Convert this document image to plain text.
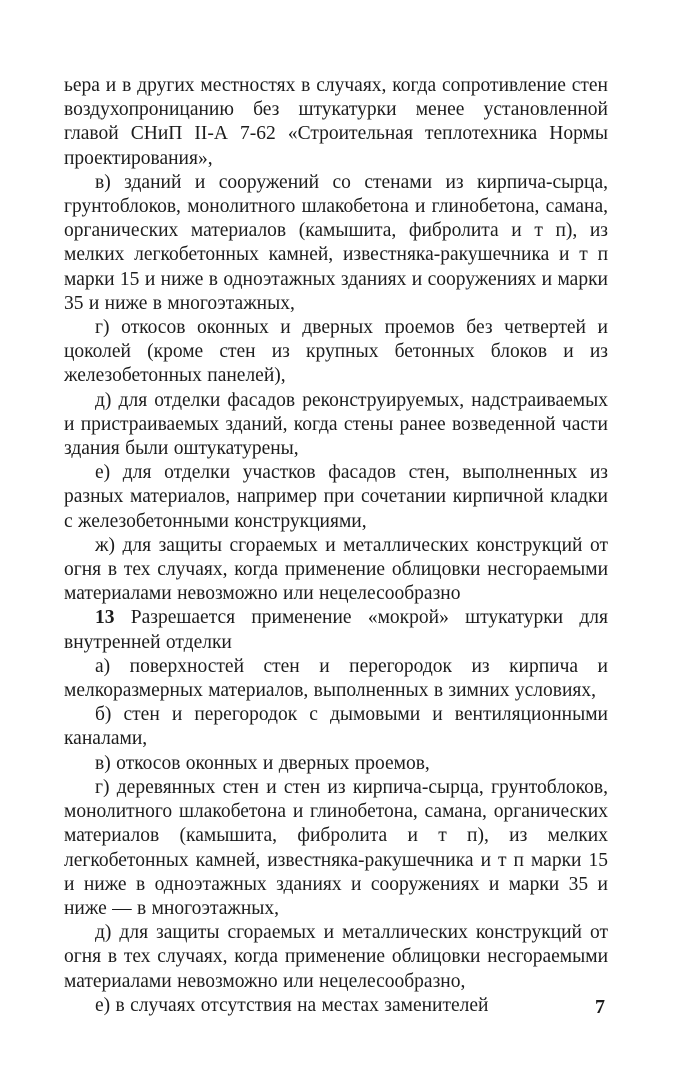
ьера и в других местностях в случаях, когда сопротивление стен воздухопроницанию без штукатурки менее установленной главой СНиП II-А 7-62 «Строительная теплотехника Нормы проектирования»,

в) зданий и сооружений со стенами из кирпича-сырца, грунтоблоков, монолитного шлакобетона и глинобетона, самана, органических материалов (камышита, фибролита и т п), из мелких легкобетонных камней, известняка-ракушечника и т п марки 15 и ниже в одноэтажных зданиях и сооружениях и марки 35 и ниже в многоэтажных,

г) откосов оконных и дверных проемов без четвертей и цоколей (кроме стен из крупных бетонных блоков и из железобетонных панелей),

д) для отделки фасадов реконструируемых, надстраиваемых и пристраиваемых зданий, когда стены ранее возведенной части здания были оштукатурены,

е) для отделки участков фасадов стен, выполненных из разных материалов, например при сочетании кирпичной кладки с железобетонными конструкциями,

ж) для защиты сгораемых и металлических конструкций от огня в тех случаях, когда применение облицовки несгораемыми материалами невозможно или нецелесообразно

13 Разрешается применение «мокрой» штукатурки для внутренней отделки

а) поверхностей стен и перегородок из кирпича и мелкоразмерных материалов, выполненных в зимних условиях,

б) стен и перегородок с дымовыми и вентиляционными каналами,

в) откосов оконных и дверных проемов,

г) деревянных стен и стен из кирпича-сырца, грунтоблоков, монолитного шлакобетона и глинобетона, самана, органических материалов (камышита, фибролита и т п), из мелких легкобетонных камней, известняка-ракушечника и т п марки 15 и ниже в одноэтажных зданиях и сооружениях и марки 35 и ниже — в многоэтажных,

д) для защиты сгораемых и металлических конструкций от огня в тех случаях, когда применение облицовки несгораемыми материалами невозможно или нецелесообразно,

е) в случаях отсутствия на местах заменителей	7
